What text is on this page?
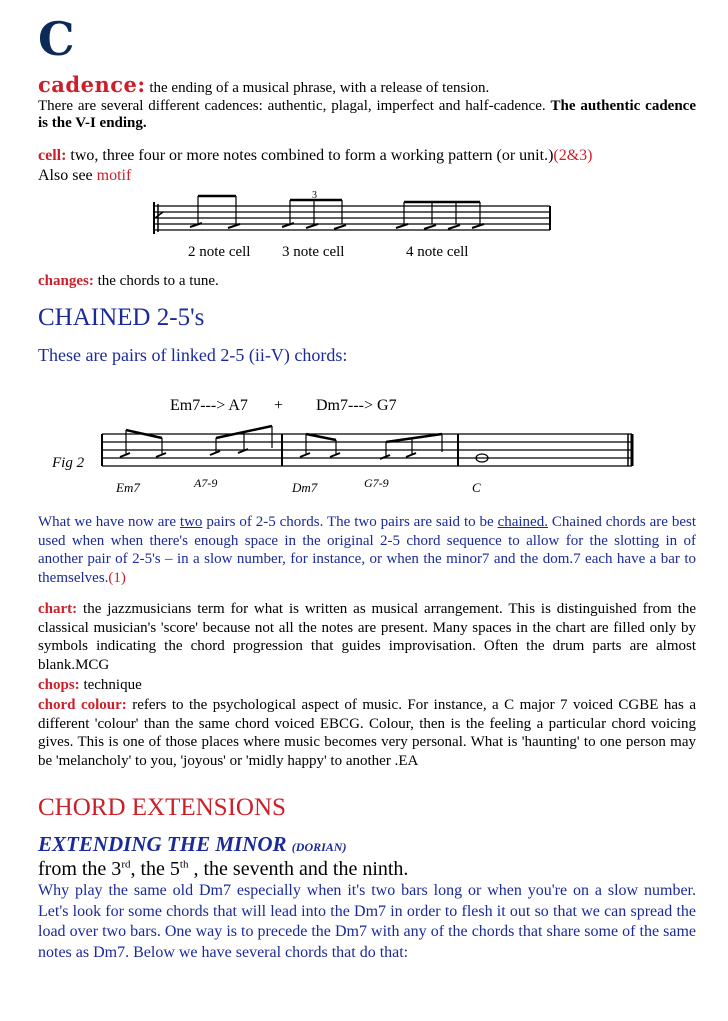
C
cadence: the ending of a musical phrase, with a release of tension.
There are several different cadences: authentic, plagal, imperfect and half-cadence. The authentic cadence is the V-I ending.
cell: two, three four or more notes combined to form a working pattern (or unit.)(2&3)
Also see motif
3
2 note cell 3 note cell	4 note cell
changes: the chords to a tune.
CHAINED 2-5's
These are pairs of linked 2-5 (ii-V) chords:
Em7---> A7 + Dm7---> G7
Fig 2
Em7	A7-9	Dm7	G7-9	C
What we have now are two pairs of 2-5 chords. The two pairs are said to be chained. Chained chords are best used when when there's enough space in the original 2-5 chord sequence to allow for the slotting in of another pair of 2-5's – in a slow number, for instance, or when the minor7 and the dom.7 each have a bar to themselves.(1)
chart: the jazzmusicians term for what is written as musical arrangement. This is distinguished from the classical musician's 'score' because not all the notes are present. Many spaces in the chart are filled only by symbols indicating the chord progression that guides improvisation. Often the drum parts are almost blank.MCG
chops: technique
chord colour: refers to the psychological aspect of music. For instance, a C major 7 voiced CGBE has a different 'colour' than the same chord voiced EBCG. Colour, then is the feeling a particular chord voicing gives. This is one of those places where music becomes very personal. What is 'haunting' to one person may be 'melancholy' to you, 'joyous' or 'midly happy' to another .EA
CHORD EXTENSIONS
EXTENDING THE MINOR (DORIAN)
from the 3rd, the 5th , the seventh and the ninth.
Why play the same old Dm7 especially when it's two bars long or when you're on a slow number. Let's look for some chords that will lead into the Dm7 in order to flesh it out so that we can spread the load over two bars. One way is to precede the Dm7 with any of the chords that share some of the same notes as Dm7. Below we have several chords that do that:
